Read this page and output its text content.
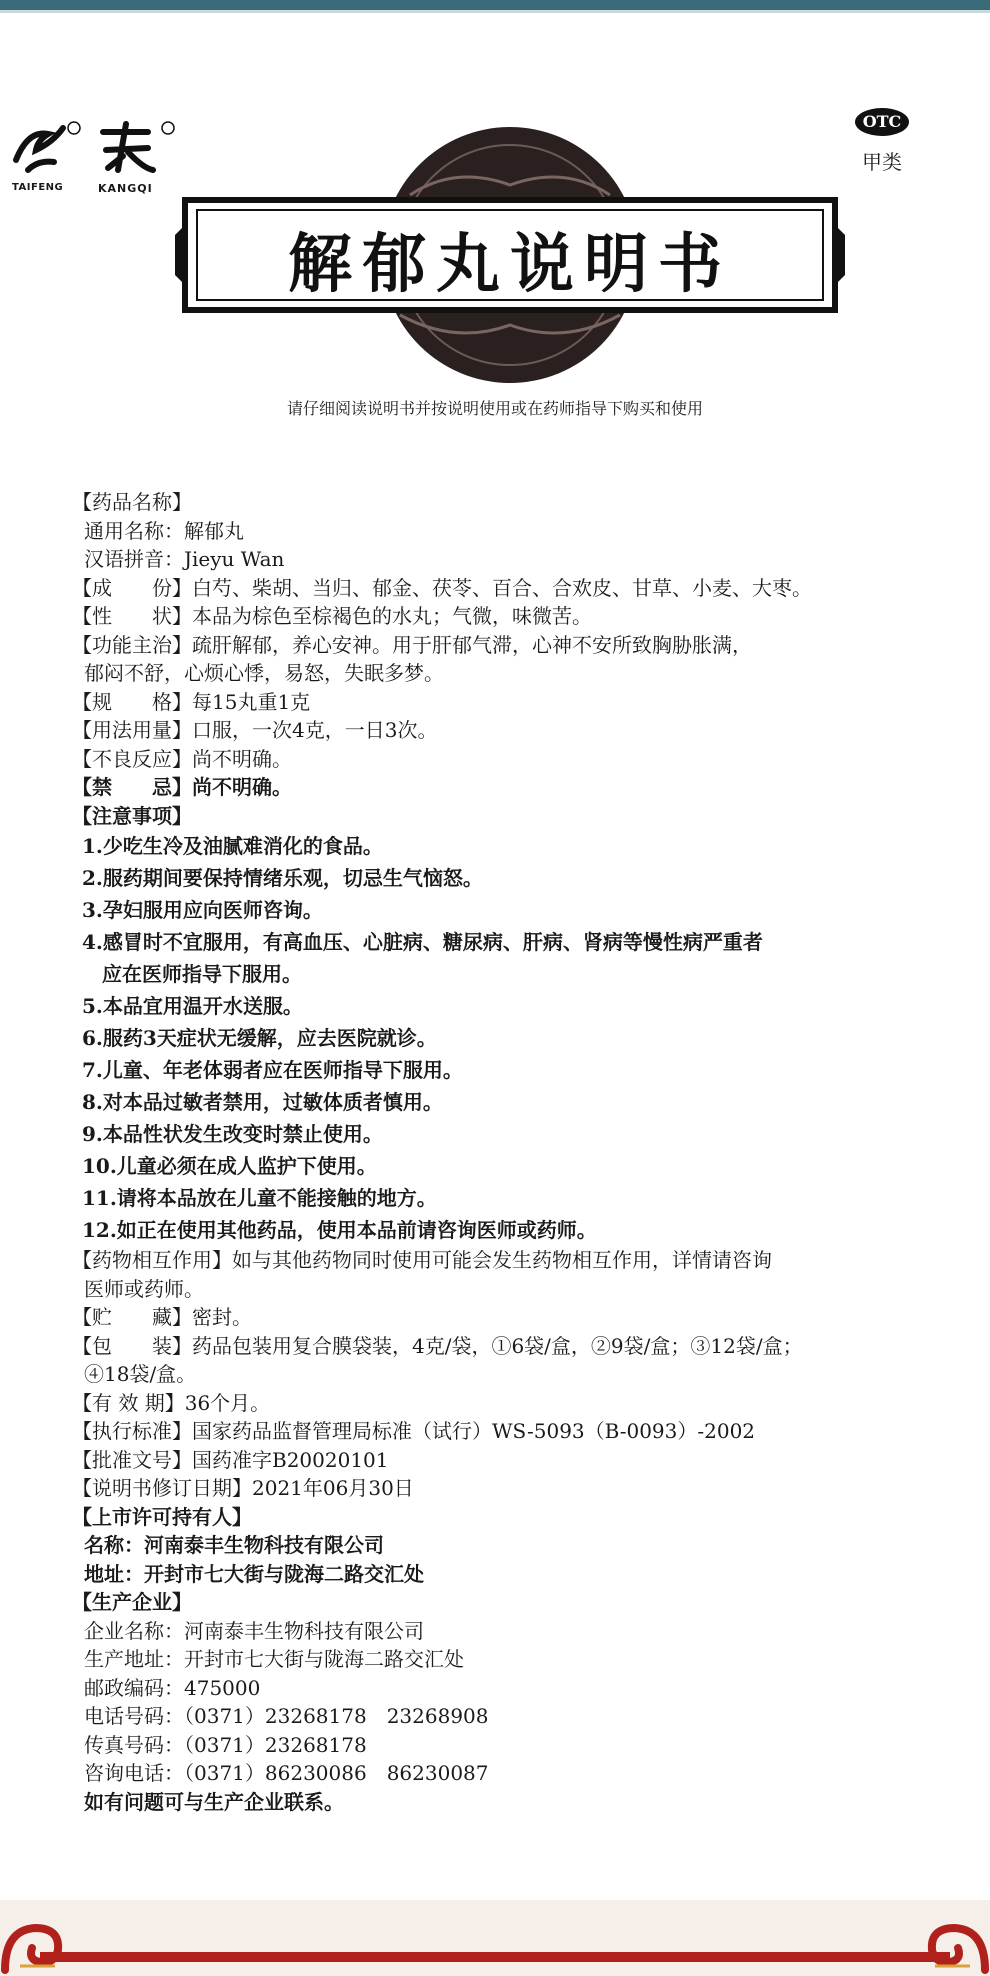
TAIFENG	KANGQI
OTC
甲类
解郁丸说明书
请仔细阅读说明书并按说明使用或在药师指导下购买和使用
【药品名称】
通用名称：解郁丸
汉语拼音：Jieyu Wan
【成　　份】白芍、柴胡、当归、郁金、茯苓、百合、合欢皮、甘草、小麦、大枣。
【性　　状】本品为棕色至棕褐色的水丸；气微，味微苦。
【功能主治】疏肝解郁，养心安神。用于肝郁气滞，心神不安所致胸胁胀满，
郁闷不舒，心烦心悸，易怒，失眠多梦。
【规　　格】每15丸重1克
【用法用量】口服，一次4克，一日3次。
【不良反应】尚不明确。
【禁　　忌】尚不明确。
【注意事项】
1.少吃生冷及油腻难消化的食品。
2.服药期间要保持情绪乐观，切忌生气恼怒。
3.孕妇服用应向医师咨询。
4.感冒时不宜服用，有高血压、心脏病、糖尿病、肝病、肾病等慢性病严重者
应在医师指导下服用。
5.本品宜用温开水送服。
6.服药3天症状无缓解，应去医院就诊。
7.儿童、年老体弱者应在医师指导下服用。
8.对本品过敏者禁用，过敏体质者慎用。
9.本品性状发生改变时禁止使用。
10.儿童必须在成人监护下使用。
11.请将本品放在儿童不能接触的地方。
12.如正在使用其他药品，使用本品前请咨询医师或药师。
【药物相互作用】如与其他药物同时使用可能会发生药物相互作用，详情请咨询
医师或药师。
【贮　　藏】密封。
【包　　装】药品包装用复合膜袋装，4克/袋，①6袋/盒，②9袋/盒；③12袋/盒；
④18袋/盒。
【有 效 期】36个月。
【执行标准】国家药品监督管理局标准（试行）WS-5093（B-0093）-2002
【批准文号】国药准字B20020101
【说明书修订日期】2021年06月30日
【上市许可持有人】
名称：河南泰丰生物科技有限公司
地址：开封市七大街与陇海二路交汇处
【生产企业】
企业名称：河南泰丰生物科技有限公司
生产地址：开封市七大街与陇海二路交汇处
邮政编码：475000
电话号码：（0371）23268178　23268908
传真号码：（0371）23268178
咨询电话：（0371）86230086　86230087
如有问题可与生产企业联系。
